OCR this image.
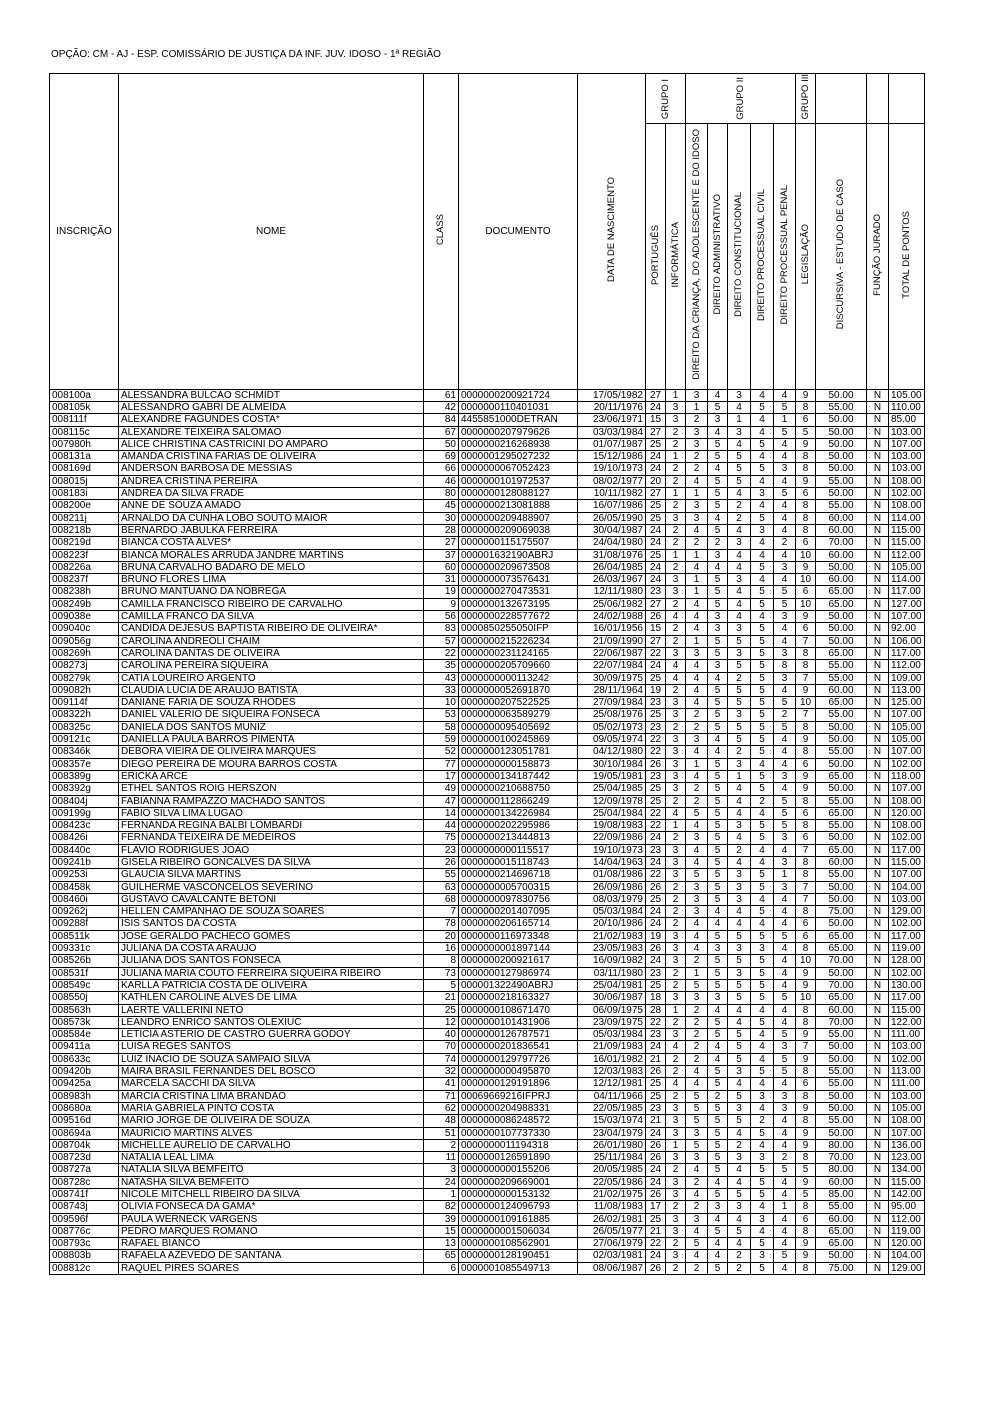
OPÇÃO: CM - AJ - ESP. COMISSÁRIO DE JUSTIÇA DA INF. JUV. IDOSO - 1ª REGIÃO
INSCRIÇÃO	NOME	CLASS	DOCUMENTO	DATA DE NASCIMENTO	GRUPO I		GRUPO II					GRUPO III			
					PORTUGUÊS	INFORMÁTICA	DIREITO DA CRIANÇA, DO ADOLESCENTE E DO IDOSO	DIREITO ADMINISTRATIVO	DIREITO CONSTITUCIONAL	DIREITO PROCESSUAL CIVIL	DIREITO PROCESSUAL PENAL	LEGISLAÇÃO	DISCURSIVA - ESTUDO DE CASO	FUNÇÃO JURADO	TOTAL DE PONTOS
008100a	ALESSANDRA BULCAO SCHMIDT	61	0000000200921724	17/05/1982	27	1	3	4	3	4	4	9	50.00	N	105.00
008105k	ALESSANDRO GABRI DE ALMEIDA	42	0000000110401031	20/11/1976	24	3	1	5	4	5	5	8	55.00	N	110.00
008111f	ALEXANDRE FAGUNDES COSTA*	84	4455851000DETRAN	23/06/1971	15	3	2	3	1	4	1	6	50.00	N	85.00
008115c	ALEXANDRE TEIXEIRA SALOMAO	67	0000000207979626	03/03/1984	27	2	3	4	3	4	5	5	50.00	N	103.00
007980h	ALICE CHRISTINA CASTRICINI DO AMPARO	50	0000000216268938	01/07/1987	25	2	3	5	4	5	4	9	50.00	N	107.00
008131a	AMANDA CRISTINA FARIAS DE OLIVEIRA	69	0000001295027232	15/12/1986	24	1	2	5	5	4	4	8	50.00	N	103.00
008169d	ANDERSON BARBOSA DE MESSIAS	66	0000000067052423	19/10/1973	24	2	2	4	5	5	3	8	50.00	N	103.00
008015j	ANDREA CRISTINA PEREIRA	46	0000000101972537	08/02/1977	20	2	4	5	5	4	4	9	55.00	N	108.00
008183i	ANDREA DA SILVA FRADE	80	0000000128088127	10/11/1982	27	1	1	5	4	3	5	6	50.00	N	102.00
008200e	ANNE DE SOUZA AMADO	45	0000000213081888	16/07/1986	25	2	3	5	2	4	4	8	55.00	N	108.00
008211j	ARNALDO DA CUNHA LOBO SOUTO MAIOR	30	0000000209488907	26/05/1990	25	3	3	4	2	5	4	8	60.00	N	114.00
008218b	BERNARDO JABULKA FERREIRA	28	0000000209069038	30/04/1987	24	2	4	5	4	3	4	8	60.00	N	115.00
008219d	BIANCA COSTA ALVES*	27	0000000115175507	24/04/1980	24	2	2	2	3	4	2	6	70.00	N	115.00
008223f	BIANCA MORALES ARRUDA JANDRE MARTINS	37	000001632190ABRJ	31/08/1976	25	1	1	3	4	4	4	10	60.00	N	112.00
008226a	BRUNA CARVALHO BADARO DE MELO	60	0000000209673508	26/04/1985	24	2	4	4	4	5	3	9	50.00	N	105.00
008237f	BRUNO FLORES LIMA	31	0000000073576431	26/03/1967	24	3	1	5	3	4	4	10	60.00	N	114.00
008238h	BRUNO MANTUANO DA NOBREGA	19	0000000270473531	12/11/1980	23	3	1	5	4	5	5	6	65.00	N	117.00
008249b	CAMILLA FRANCISCO RIBEIRO DE CARVALHO	9	0000000132673195	25/06/1982	27	2	4	5	4	5	5	10	65.00	N	127.00
009038e	CAMILLA FRANCO DA SILVA	56	0000000228577672	24/02/1988	26	4	4	3	4	4	3	9	50.00	N	107.00
009040c	CANDIDA DEJESUS BAPTISTA RIBEIRO DE OLIVEIRA*	83	0000850255050IFP	16/01/1956	15	2	4	3	3	5	4	6	50.00	N	92.00
009056g	CAROLINA ANDREOLI CHAIM	57	0000000215226234	21/09/1990	27	2	1	5	5	5	4	7	50.00	N	106.00
008269h	CAROLINA DANTAS DE OLIVEIRA	22	0000000231124165	22/06/1987	22	3	3	5	3	5	3	8	65.00	N	117.00
008273j	CAROLINA PEREIRA SIQUEIRA	35	0000000205709660	22/07/1984	24	4	4	3	5	5	8	8	55.00	N	112.00
008279k	CATIA LOUREIRO ARGENTO	43	0000000000113242	30/09/1975	25	4	4	4	2	5	3	7	55.00	N	109.00
009082h	CLAUDIA LUCIA DE ARAUJO BATISTA	33	0000000052691870	28/11/1964	19	2	4	5	5	5	4	9	60.00	N	113.00
009114f	DANIANE FARIA DE SOUZA RHODES	10	0000000207522525	27/09/1984	23	3	4	5	5	5	5	10	65.00	N	125.00
008322h	DANIEL VALERIO DE SIQUEIRA FONSECA	53	0000000063589279	25/08/1976	25	3	2	5	3	5	2	7	55.00	N	107.00
008325c	DANIELA DOS SANTOS MUNIZ	58	0000000095405692	05/02/1973	23	2	2	5	5	5	5	8	50.00	N	105.00
009121c	DANIELLA PAULA BARROS PIMENTA	59	0000000100245869	09/05/1974	22	3	3	4	5	5	4	9	50.00	N	105.00
008346k	DEBORA VIEIRA DE OLIVEIRA MARQUES	52	0000000123051781	04/12/1980	22	3	4	4	2	5	4	8	55.00	N	107.00
008357e	DIEGO PEREIRA DE MOURA BARROS COSTA	77	0000000000158873	30/10/1984	26	3	1	5	3	4	4	6	50.00	N	102.00
008389g	ERICKA ARCE	17	0000000134187442	19/05/1981	23	3	4	5	1	5	3	9	65.00	N	118.00
008392g	ETHEL SANTOS ROIG HERSZON	49	0000000210688750	25/04/1985	25	3	2	5	4	5	4	9	50.00	N	107.00
008404j	FABIANNA RAMPAZZO MACHADO SANTOS	47	0000000112866249	12/09/1978	25	2	2	5	4	2	5	8	55.00	N	108.00
009199g	FABIO SILVA LIMA LUGAO	14	0000000134226984	25/04/1984	22	4	5	5	4	4	5	6	65.00	N	120.00
008423c	FERNANDA REGINA BALBI LOMBARDI	44	0000000202295986	19/08/1983	22	1	4	5	3	5	5	8	55.00	N	108.00
008426i	FERNANDA TEIXEIRA DE MEDEIROS	75	0000000213444813	22/09/1986	24	2	3	5	4	5	3	6	50.00	N	102.00
008440c	FLAVIO RODRIGUES JOAO	23	0000000000115517	19/10/1973	23	3	4	5	2	4	4	7	65.00	N	117.00
009241b	GISELA RIBEIRO GONCALVES DA SILVA	26	0000000015118743	14/04/1963	24	3	4	5	4	4	3	8	60.00	N	115.00
009253i	GLAUCIA SILVA MARTINS	55	0000000214696718	01/08/1986	22	3	5	5	3	5	1	8	55.00	N	107.00
008458k	GUILHERME VASCONCELOS SEVERINO	63	0000000005700315	26/09/1986	26	2	3	5	3	5	3	7	50.00	N	104.00
008460i	GUSTAVO CAVALCANTE BETONI	68	0000000097830756	08/03/1979	25	2	3	5	3	4	4	7	50.00	N	103.00
009262j	HELLEN CAMPANHAO DE SOUZA SOARES	7	0000000201407095	05/03/1984	24	2	3	4	4	5	4	8	75.00	N	129.00
009288f	ISIS SANTOS DA COSTA	78	0000000206165714	20/10/1986	24	2	4	4	4	4	4	6	50.00	N	102.00
008511k	JOSE GERALDO PACHECO GOMES	20	0000000116973348	21/02/1983	19	3	4	5	5	5	5	6	65.00	N	117.00
009331c	JULIANA DA COSTA ARAUJO	16	0000000001897144	23/05/1983	26	3	4	3	3	3	4	8	65.00	N	119.00
008526b	JULIANA DOS SANTOS FONSECA	8	0000000200921617	16/09/1982	24	3	2	5	5	5	4	10	70.00	N	128.00
008531f	JULIANA MARIA COUTO FERREIRA SIQUEIRA RIBEIRO	73	0000000127986974	03/11/1980	23	2	1	5	3	5	4	9	50.00	N	102.00
008549c	KARLLA PATRICIA COSTA DE OLIVEIRA	5	000001322490ABRJ	25/04/1981	25	2	5	5	5	5	4	9	70.00	N	130.00
008550j	KATHLEN CAROLINE ALVES DE LIMA	21	0000000218163327	30/06/1987	18	3	3	3	5	5	5	10	65.00	N	117.00
008563h	LAERTE VALLERINI NETO	25	0000000108671470	06/09/1975	28	1	2	4	4	4	4	8	60.00	N	115.00
008573k	LEANDRO ENRICO SANTOS OLEXIUC	12	0000000101431906	23/09/1975	22	2	2	5	4	5	4	8	70.00	N	122.00
008584e	LETICIA ASTERIO DE CASTRO GUERRA GODOY	40	0000000126787571	05/03/1984	23	3	2	5	5	4	5	9	55.00	N	111.00
009411a	LUISA REGES SANTOS	70	0000000201836541	21/09/1983	24	4	2	4	5	4	3	7	50.00	N	103.00
008633c	LUIZ INACIO DE SOUZA SAMPAIO SILVA	74	0000000129797726	16/01/1982	21	2	2	4	5	4	5	9	50.00	N	102.00
009420b	MAIRA BRASIL FERNANDES DEL BOSCO	32	0000000000495870	12/03/1983	26	2	4	5	3	5	5	8	55.00	N	113.00
009425a	MARCELA SACCHI DA SILVA	41	0000000129191896	12/12/1981	25	4	4	5	4	4	4	6	55.00	N	111.00
008983h	MARCIA CRISTINA LIMA BRANDAO	71	00069669216IFPRJ	04/11/1966	25	2	5	2	5	3	3	8	50.00	N	103.00
008680a	MARIA GABRIELA PINTO COSTA	62	0000000204988331	22/05/1985	23	3	5	5	3	4	3	9	50.00	N	105.00
009516d	MARIO JORGE DE OLIVEIRA DE SOUZA	48	0000000086248572	15/03/1974	21	3	5	5	5	2	4	8	55.00	N	108.00
008694a	MAURICIO MARTINS ALVES	51	0000000107737330	23/04/1979	24	3	3	5	4	5	4	9	50.00	N	107.00
008704k	MICHELLE AURELIO DE CARVALHO	2	0000000011194318	26/01/1980	26	1	5	5	2	4	4	9	80.00	N	136.00
008723d	NATALIA LEAL LIMA	11	0000000126591890	25/11/1984	26	3	3	5	3	3	2	8	70.00	N	123.00
008727a	NATALIA SILVA BEMFEITO	3	0000000000155206	20/05/1985	24	2	4	5	4	5	5	5	80.00	N	134.00
008728c	NATASHA SILVA BEMFEITO	24	0000000209669001	22/05/1986	24	3	2	4	4	5	4	9	60.00	N	115.00
008741f	NICOLE MITCHELL RIBEIRO DA SILVA	1	0000000000153132	21/02/1975	26	3	4	5	5	5	4	5	85.00	N	142.00
008743j	OLIVIA FONSECA DA GAMA*	82	0000000124096793	11/08/1983	17	2	2	3	3	4	1	8	55.00	N	95.00
009596f	PAULA WERNECK VARGENS	39	0000000109161885	26/02/1981	25	3	3	4	4	3	4	6	60.00	N	112.00
008776c	PEDRO MARQUES ROMANO	15	0000000001506034	26/05/1977	21	3	4	5	5	4	4	8	65.00	N	119.00
008793c	RAFAEL BIANCO	13	0000000108562901	27/06/1979	22	2	5	4	4	5	4	9	65.00	N	120.00
008803b	RAFAELA AZEVEDO DE SANTANA	65	0000000128190451	02/03/1981	24	3	4	4	2	3	5	9	50.00	N	104.00
008812c	RAQUEL PIRES SOARES	6	0000001085549713	08/06/1987	26	2	2	5	2	5	4	8	75.00	N	129.00
